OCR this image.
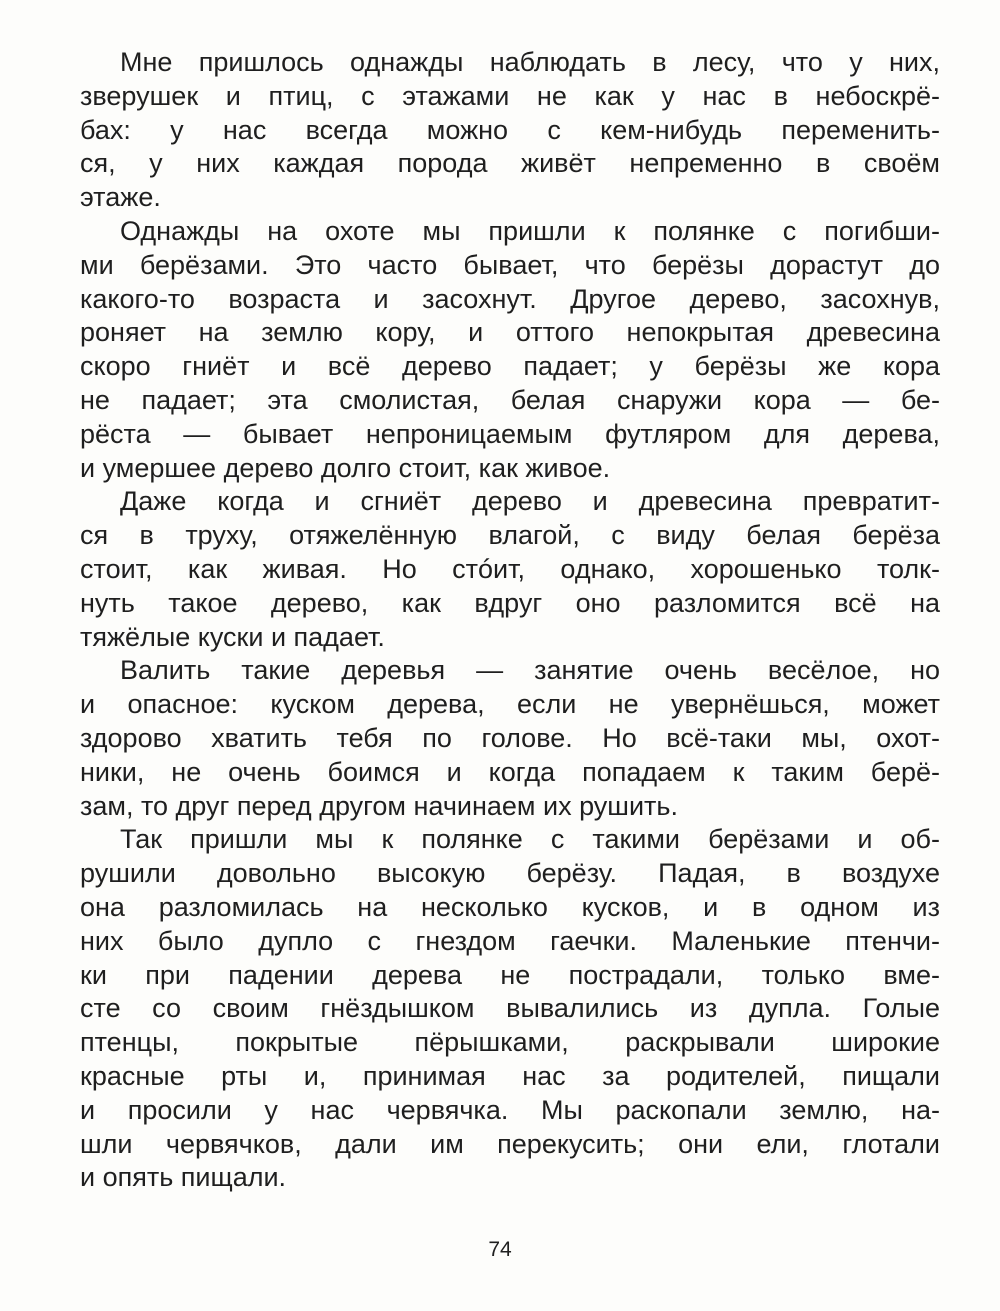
Мне пришлось однажды наблюдать в лесу, что у них,
зверушек и птиц, с этажами не как у нас в небоскрё-
бах: у нас всегда можно с кем-нибудь переменить-
ся, у них каждая порода живёт непременно в своём
этаже.

Однажды на охоте мы пришли к полянке с погибши-
ми берёзами. Это часто бывает, что берёзы дорастут до
какого-то возраста и засохнут. Другое дерево, засохнув,
роняет на землю кору, и оттого непокрытая древесина
скоро гниёт и всё дерево падает; у берёзы же кора
не падает; эта смолистая, белая снаружи кора — бе-
рёста — бывает непроницаемым футляром для дерева,
и умершее дерево долго стоит, как живое.

Даже когда и сгниёт дерево и древесина превратит-
ся в труху, отяжелённую влагой, с виду белая берёза
стоит, как живая. Но стóит, однако, хорошенько толк-
нуть такое дерево, как вдруг оно разломится всё на
тяжёлые куски и падает.

Валить такие деревья — занятие очень весёлое, но
и опасное: куском дерева, если не увернёшься, может
здорово хватить тебя по голове. Но всё-таки мы, охот-
ники, не очень боимся и когда попадаем к таким берё-
зам, то друг перед другом начинаем их рушить.

Так пришли мы к полянке с такими берёзами и об-
рушили довольно высокую берёзу. Падая, в воздухе
она разломилась на несколько кусков, и в одном из
них было дупло с гнездом гаечки. Маленькие птенчи-
ки при падении дерева не пострадали, только вме-
сте со своим гнёздышком вывалились из дупла. Голые
птенцы, покрытые пёрышками, раскрывали широкие
красные рты и, принимая нас за родителей, пищали
и просили у нас червячка. Мы раскопали землю, на-
шли червячков, дали им перекусить; они ели, глотали
и опять пищали.

74
